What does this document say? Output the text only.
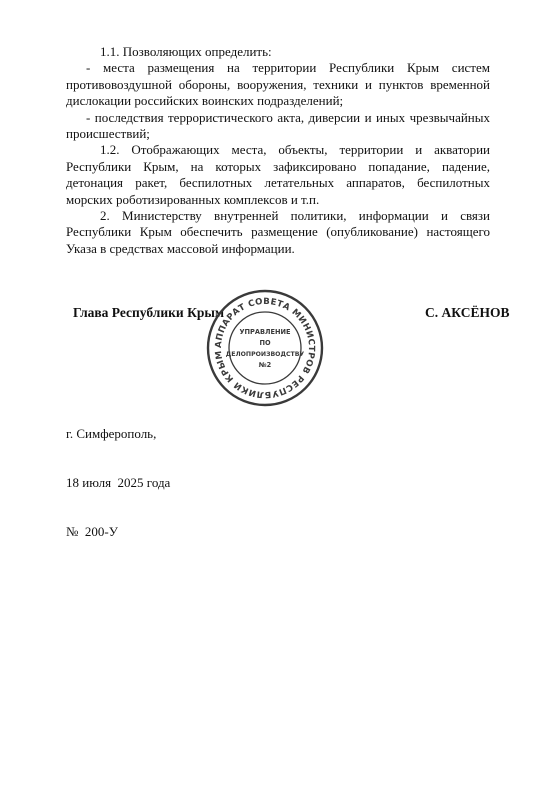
1.1. Позволяющих определить:

- места размещения на территории Республики Крым систем противовоздушной обороны, вооружения, техники и пунктов временной дислокации российских воинских подразделений;

- последствия террористического акта, диверсии и иных чрезвычайных происшествий;

1.2. Отображающих места, объекты, территории и акватории Республики Крым, на которых зафиксировано попадание, падение, детонация ракет, беспилотных летательных аппаратов, беспилотных морских роботизированных комплексов и т.п.

2. Министерству внутренней политики, информации и связи Республики Крым обеспечить размещение (опубликование) настоящего Указа в средствах массовой информации.

Глава Республики Крым
АППАРАТ СОВЕТА МИНИСТРОВ РЕСПУБЛИКИ КРЫМ
УПРАВЛЕНИЕ
ПО
ДЕЛОПРОИЗВОДСТВУ
№2
С. АКСЁНОВ

г. Симферополь,

18 июля  2025 года

№  200-У
